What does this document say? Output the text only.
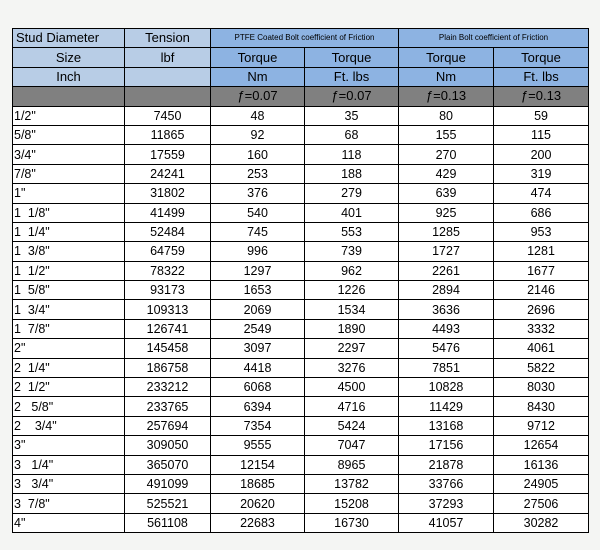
Stud Diameter	Tension	PTFE Coated Bolt coefficient of Friction		Plain Bolt coefficient of Friction	
Size	lbf	Torque	Torque	Torque	Torque
Inch		Nm	Ft. lbs	Nm	Ft. lbs
		ƒ=0.07	ƒ=0.07	ƒ=0.13	ƒ=0.13
1/2"	7450	48	35	80	59
5/8"	11865	92	68	155	115
3/4"	17559	160	118	270	200
7/8"	24241	253	188	429	319
1"	31802	376	279	639	474
1  1/8"	41499	540	401	925	686
1  1/4"	52484	745	553	1285	953
1  3/8"	64759	996	739	1727	1281
1  1/2"	78322	1297	962	2261	1677
1  5/8"	93173	1653	1226	2894	2146
1  3/4"	109313	2069	1534	3636	2696
1  7/8"	126741	2549	1890	4493	3332
2"	145458	3097	2297	5476	4061
2  1/4"	186758	4418	3276	7851	5822
2  1/2"	233212	6068	4500	10828	8030
2   5/8"	233765	6394	4716	11429	8430
2    3/4"	257694	7354	5424	13168	9712
3"	309050	9555	7047	17156	12654
3   1/4"	365070	12154	8965	21878	16136
3   3/4"	491099	18685	13782	33766	24905
3  7/8"	525521	20620	15208	37293	27506
4"	561108	22683	16730	41057	30282
